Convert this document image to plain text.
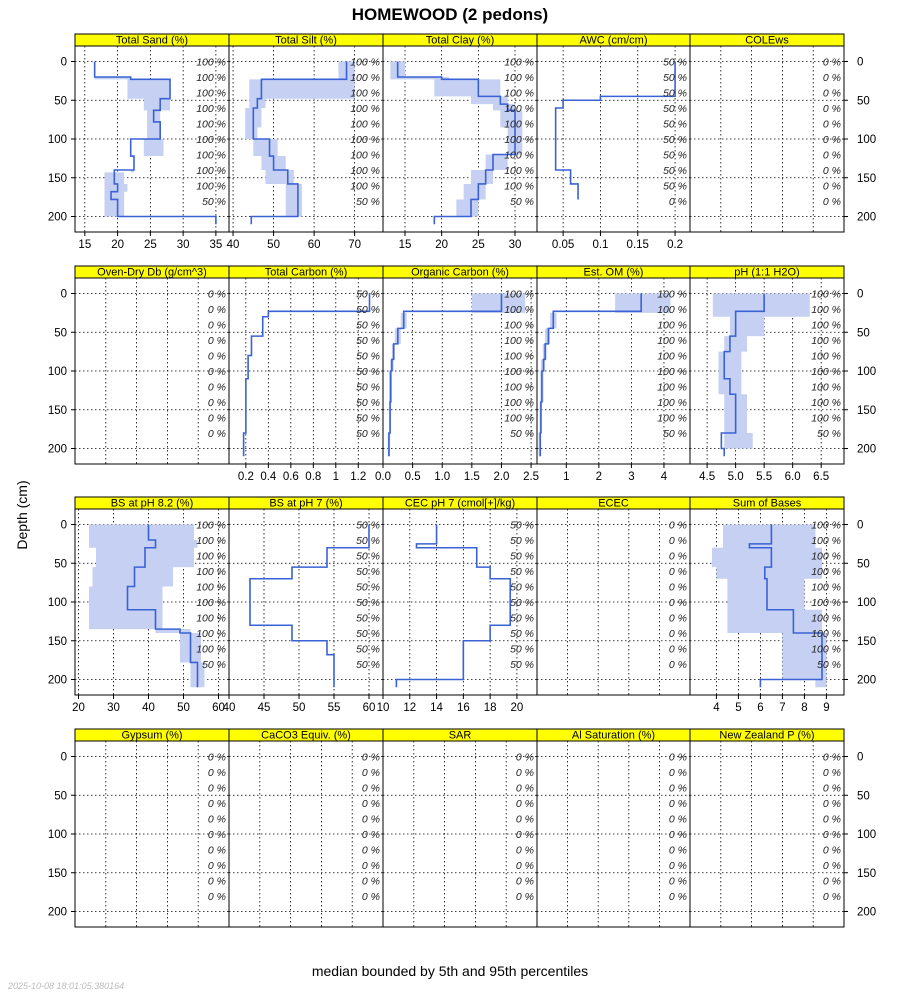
HOMEWOOD (2 pedons)
Depth (cm)
Total Sand (%)
100 %
100 %
100 %
100 %
100 %
100 %
100 %
100 %
100 %
50 %
15 20 25 30 35
0
50
100
150
200
Total Silt (%)
100 %
100 %
100 %
100 %
100 %
100 %
100 %
100 %
100 %
50 %
40 50 60 70
Total Clay (%)
100 %
100 %
100 %
100 %
100 %
100 %
100 %
100 %
100 %
50 %
15 20 25 30
AWC (cm/cm)
50 %
50 %
50 %
50 %
50 %
50 %
50 %
50 %
50 %
0 %
0.05 0.1 0.15 0.2
COLEws
0 %
0 %
0 %
0 %
0 %
0 %
0 %
0 %
0 %
0 %
0
50
100
150
200
Oven-Dry Db (g/cm^3)
0 %
0 %
0 %
0 %
0 %
0 %
0 %
0 %
0 %
0 %
0
50
100
150
200
Total Carbon (%)
50 %
50 %
50 %
50 %
50 %
50 %
50 %
50 %
50 %
50 %
0.2 0.4 0.6 0.8 1 1.2
Organic Carbon (%)
100 %
100 %
100 %
100 %
100 %
100 %
100 %
100 %
100 %
50 %
0.0 0.5 1.0 1.5 2.0 2.5
Est. OM (%)
100 %
100 %
100 %
100 %
100 %
100 %
100 %
100 %
100 %
50 %
1 2 3 4
pH (1:1 H2O)
100 %
100 %
100 %
100 %
100 %
100 %
100 %
100 %
100 %
50 %
4.5 5.0 5.5 6.0 6.5
0
50
100
150
200
BS at pH 8.2 (%)
100 %
100 %
100 %
100 %
100 %
100 %
100 %
100 %
100 %
50 %
20 30 40 50 60
0
50
100
150
200
BS at pH 7 (%)
50 %
50 %
50 %
50 %
50 %
50 %
50 %
50 %
50 %
50 %
40 45 50 55 60
CEC pH 7 (cmol[+]/kg)
50 %
50 %
50 %
50 %
50 %
50 %
50 %
50 %
50 %
50 %
10 12 14 16 18 20
ECEC
0 %
0 %
0 %
0 %
0 %
0 %
0 %
0 %
0 %
0 %
Sum of Bases
100 %
100 %
100 %
100 %
100 %
100 %
100 %
100 %
100 %
50 %
4 5 6 7 8 9
0
50
100
150
200
Gypsum (%)
0 %
0 %
0 %
0 %
0 %
0 %
0 %
0 %
0 %
0 %
0
50
100
150
200
CaCO3 Equiv. (%)
0 %
0 %
0 %
0 %
0 %
0 %
0 %
0 %
0 %
0 %
SAR
0 %
0 %
0 %
0 %
0 %
0 %
0 %
0 %
0 %
0 %
Al Saturation (%)
0 %
0 %
0 %
0 %
0 %
0 %
0 %
0 %
0 %
0 %
New Zealand P (%)
0 %
0 %
0 %
0 %
0 %
0 %
0 %
0 %
0 %
0 %
0
50
100
150
200
median bounded by 5th and 95th percentiles
2025-10-08 18:01:05.380164
